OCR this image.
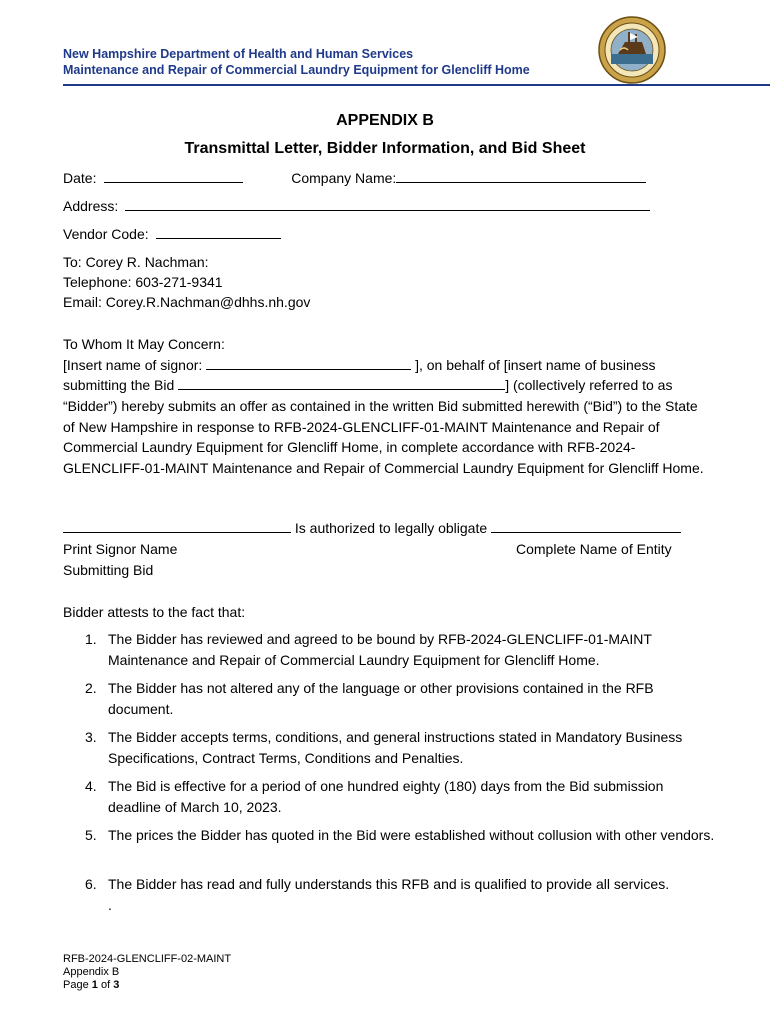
New Hampshire Department of Health and Human Services
Maintenance and Repair of Commercial Laundry Equipment for Glencliff Home
APPENDIX B
Transmittal Letter, Bidder Information, and Bid Sheet
Date:	Company Name:
Address:
Vendor Code:
To: Corey R. Nachman:
Telephone: 603-271-9341
Email: Corey.R.Nachman@dhhs.nh.gov
To Whom It May Concern:
[Insert name of signor:	], on behalf of [insert name of business
submitting the Bid	] (collectively referred to as
“Bidder”) hereby submits an offer as contained in the written Bid submitted herewith (“Bid”) to the State of New Hampshire in response to RFB-2024-GLENCLIFF-01-MAINT Maintenance and Repair of Commercial Laundry Equipment for Glencliff Home, in complete accordance with RFB-2024-GLENCLIFF-01-MAINT Maintenance and Repair of Commercial Laundry Equipment for Glencliff Home.
Is authorized to legally obligate
Print Signor Name	Complete Name of Entity
Submitting Bid
Bidder attests to the fact that:
1. The Bidder has reviewed and agreed to be bound by RFB-2024-GLENCLIFF-01-MAINT Maintenance and Repair of Commercial Laundry Equipment for Glencliff Home.
2. The Bidder has not altered any of the language or other provisions contained in the RFB document.
3. The Bidder accepts terms, conditions, and general instructions stated in Mandatory Business Specifications, Contract Terms, Conditions and Penalties.
4. The Bid is effective for a period of one hundred eighty (180) days from the Bid submission deadline of March 10, 2023.
5. The prices the Bidder has quoted in the Bid were established without collusion with other vendors.
6. The Bidder has read and fully understands this RFB and is qualified to provide all services.
.
RFB-2024-GLENCLIFF-02-MAINT
Appendix B
Page 1 of 3
